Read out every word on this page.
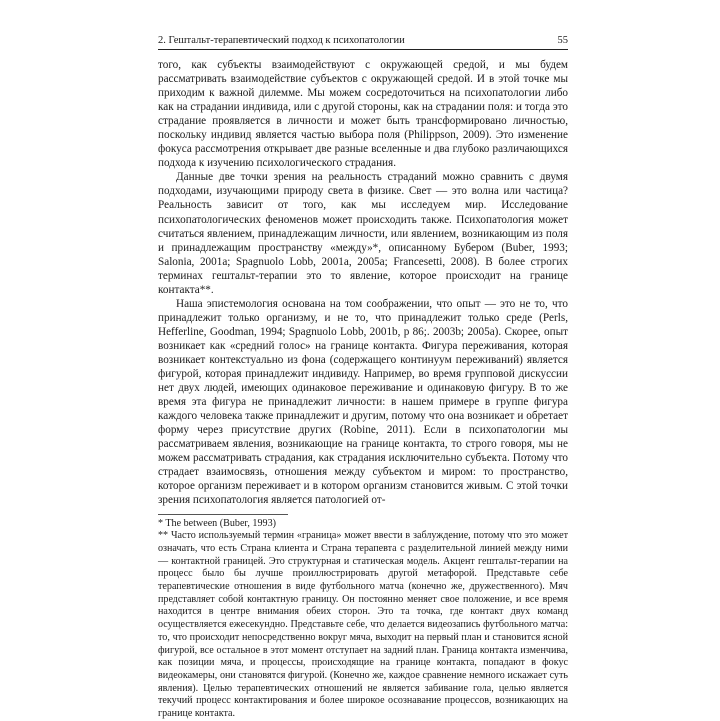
2. Гештальт-терапевтический подход к психопатологии	55

того, как субъекты взаимодействуют с окружающей средой, и мы будем рассматривать взаимодействие субъектов с окружающей средой. И в этой точке мы приходим к важной дилемме. Мы можем сосредоточиться на психопатологии либо как на страдании индивида, или с другой стороны, как на страдании поля: и тогда это страдание проявляется в личности и может быть трансформировано личностью, поскольку индивид является частью выбора поля (Philippson, 2009). Это изменение фокуса рассмотрения открывает две разные вселенные и два глубоко различающихся подхода к изучению психологического страдания.

Данные две точки зрения на реальность страданий можно сравнить с двумя подходами, изучающими природу света в физике. Свет — это волна или частица? Реальность зависит от того, как мы исследуем мир. Исследование психопатологических феноменов может происходить также. Психопатология может считаться явлением, принадлежащим личности, или явлением, возникающим из поля и принадлежащим пространству «между»*, описанному Бубером (Buber, 1993; Salonia, 2001a; Spagnuolo Lobb, 2001a, 2005a; Francesetti, 2008). В более строгих терминах гештальт-терапии это то явление, которое происходит на границе контакта**.

Наша эпистемология основана на том соображении, что опыт — это не то, что принадлежит только организму, и не то, что принадлежит только среде (Perls, Hefferline, Goodman, 1994; Spagnuolo Lobb, 2001b, p 86;. 2003b; 2005a). Скорее, опыт возникает как «средний голос» на границе контакта. Фигура переживания, которая возникает контекстуально из фона (содержащего континуум переживаний) является фигурой, которая принадлежит индивиду. Например, во время групповой дискуссии нет двух людей, имеющих одинаковое переживание и одинаковую фигуру. В то же время эта фигура не принадлежит личности: в нашем примере в группе фигура каждого человека также принадлежит и другим, потому что она возникает и обретает форму через присутствие других (Robine, 2011). Если в психопатологии мы рассматриваем явления, возникающие на границе контакта, то строго говоря, мы не можем рассматривать страдания, как страдания исключительно субъекта. Потому что страдает взаимосвязь, отношения между субъектом и миром: то пространство, которое организм переживает и в котором организм становится живым. С этой точки зрения психопатология является патологией от-

* The between (Buber, 1993)

** Часто используемый термин «граница» может ввести в заблуждение, потому что это может означать, что есть Страна клиента и Страна терапевта с разделительной линией между ними — контактной границей. Это структурная и статическая модель. Акцент гештальт-терапии на процесс было бы лучше проиллюстрировать другой метафорой. Представьте себе терапевтические отношения в виде футбольного матча (конечно же, дружественного). Мяч представляет собой контактную границу. Он постоянно меняет свое положение, и все время находится в центре внимания обеих сторон. Это та точка, где контакт двух команд осуществляется ежесекундно. Представьте себе, что делается видеозапись футбольного матча: то, что происходит непосредственно вокруг мяча, выходит на первый план и становится ясной фигурой, все остальное в этот момент отступает на задний план. Граница контакта изменчива, как позиции мяча, и процессы, происходящие на границе контакта, попадают в фокус видеокамеры, они становятся фигурой. (Конечно же, каждое сравнение немного искажает суть явления). Целью терапевтических отношений не является забивание гола, целью является текучий процесс контактирования и более широкое осознавание процессов, возникающих на границе контакта.
